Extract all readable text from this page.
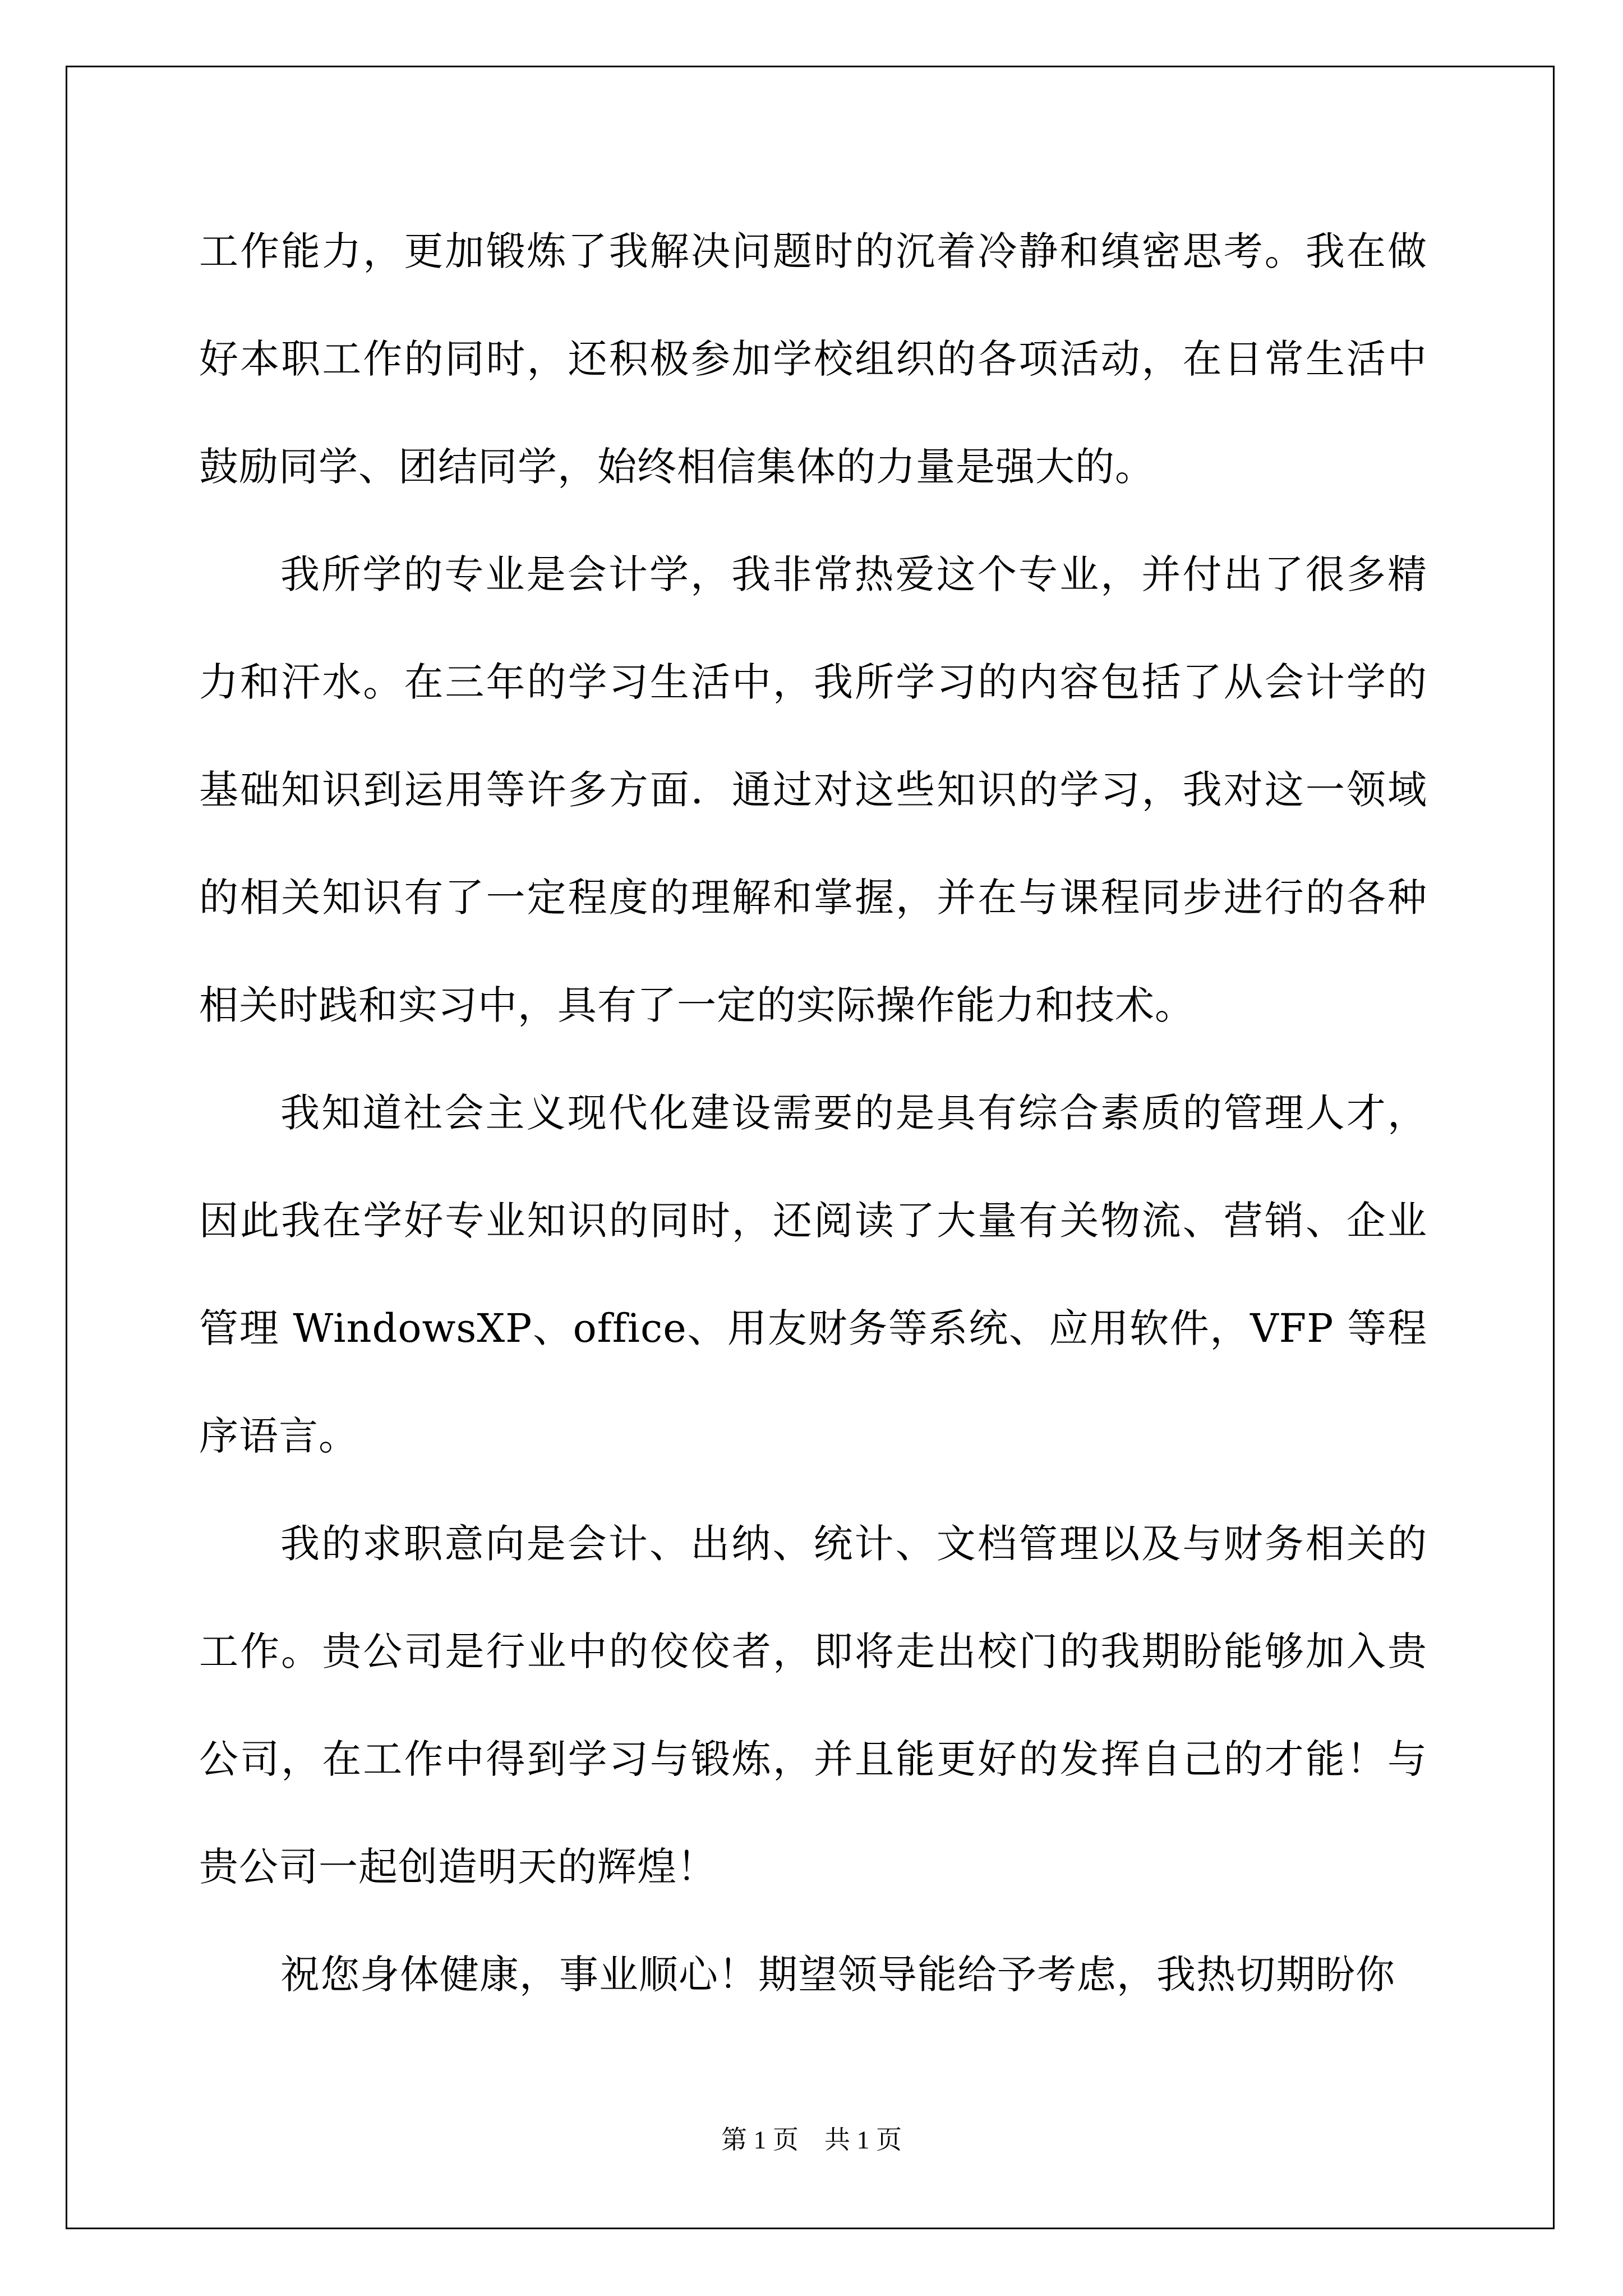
工作能力，更加锻炼了我解决问题时的沉着冷静和缜密思考。我在做好本职工作的同时，还积极参加学校组织的各项活动，在日常生活中鼓励同学、团结同学，始终相信集体的力量是强大的。

我所学的专业是会计学，我非常热爱这个专业，并付出了很多精力和汗水。在三年的学习生活中，我所学习的内容包括了从会计学的基础知识到运用等许多方面．通过对这些知识的学习，我对这一领域的相关知识有了一定程度的理解和掌握，并在与课程同步进行的各种相关时践和实习中，具有了一定的实际操作能力和技术。

我知道社会主义现代化建设需要的是具有综合素质的管理人才，因此我在学好专业知识的同时，还阅读了大量有关物流、营销、企业管理 WindowsXP、office、用友财务等系统、应用软件，VFP 等程序语言。

我的求职意向是会计、出纳、统计、文档管理以及与财务相关的工作。贵公司是行业中的佼佼者，即将走出校门的我期盼能够加入贵公司，在工作中得到学习与锻炼，并且能更好的发挥自己的才能！与贵公司一起创造明天的辉煌！

祝您身体健康，事业顺心！期望领导能给予考虑，我热切期盼你

第 1 页 共 1 页
